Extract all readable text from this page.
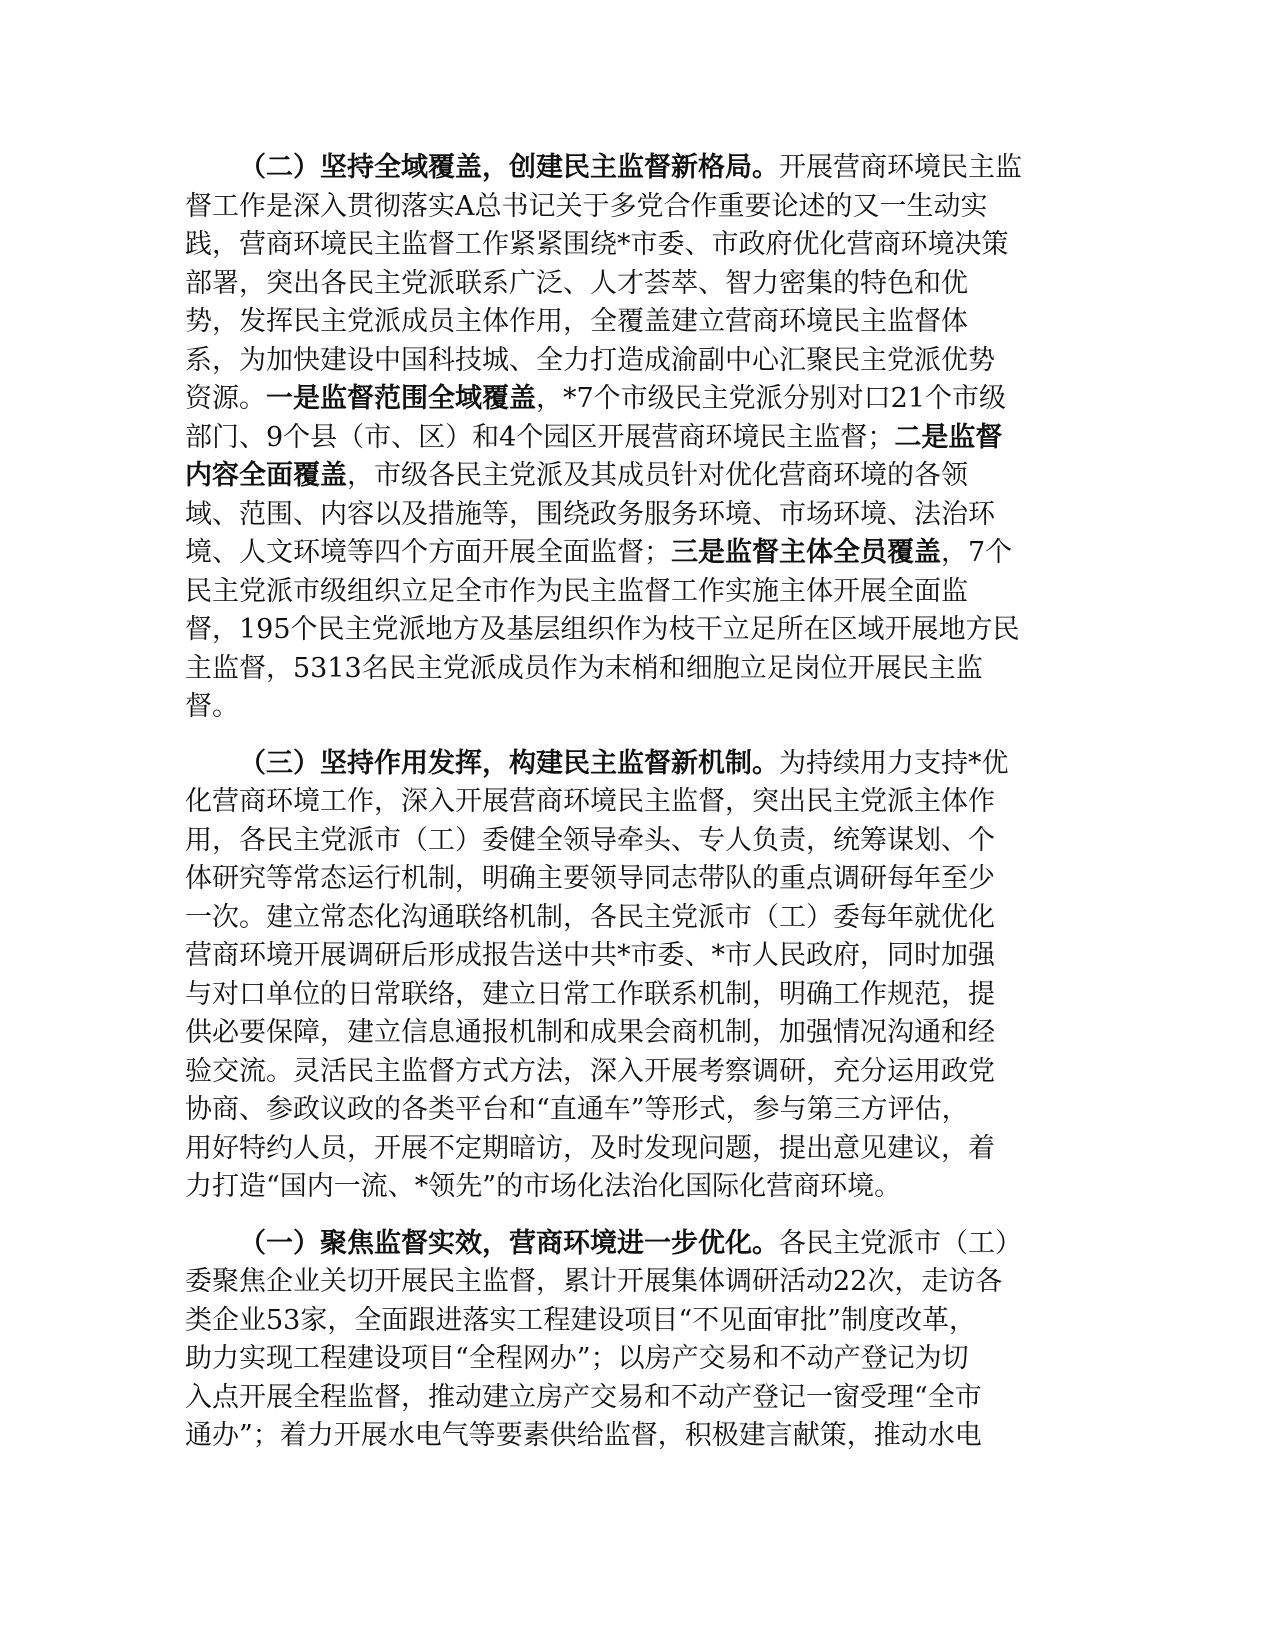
（二）坚持全域覆盖，创建民主监督新格局。开展营商环境民主监
督工作是深入贯彻落实A总书记关于多党合作重要论述的又一生动实
践，营商环境民主监督工作紧紧围绕*市委、市政府优化营商环境决策
部署，突出各民主党派联系广泛、人才荟萃、智力密集的特色和优
势，发挥民主党派成员主体作用，全覆盖建立营商环境民主监督体
系，为加快建设中国科技城、全力打造成渝副中心汇聚民主党派优势
资源。一是监督范围全域覆盖，*7个市级民主党派分别对口21个市级
部门、9个县（市、区）和4个园区开展营商环境民主监督；二是监督
内容全面覆盖，市级各民主党派及其成员针对优化营商环境的各领
域、范围、内容以及措施等，围绕政务服务环境、市场环境、法治环
境、人文环境等四个方面开展全面监督；三是监督主体全员覆盖，7个
民主党派市级组织立足全市作为民主监督工作实施主体开展全面监
督，195个民主党派地方及基层组织作为枝干立足所在区域开展地方民
主监督，5313名民主党派成员作为末梢和细胞立足岗位开展民主监
督。
（三）坚持作用发挥，构建民主监督新机制。为持续用力支持*优
化营商环境工作，深入开展营商环境民主监督，突出民主党派主体作
用，各民主党派市（工）委健全领导牵头、专人负责，统筹谋划、个
体研究等常态运行机制，明确主要领导同志带队的重点调研每年至少
一次。建立常态化沟通联络机制，各民主党派市（工）委每年就优化
营商环境开展调研后形成报告送中共*市委、*市人民政府，同时加强
与对口单位的日常联络，建立日常工作联系机制，明确工作规范，提
供必要保障，建立信息通报机制和成果会商机制，加强情况沟通和经
验交流。灵活民主监督方式方法，深入开展考察调研，充分运用政党
协商、参政议政的各类平台和“直通车”等形式，参与第三方评估，
用好特约人员，开展不定期暗访，及时发现问题，提出意见建议，着
力打造“国内一流、*领先”的市场化法治化国际化营商环境。
（一）聚焦监督实效，营商环境进一步优化。各民主党派市（工）
委聚焦企业关切开展民主监督，累计开展集体调研活动22次，走访各
类企业53家，全面跟进落实工程建设项目“不见面审批”制度改革，
助力实现工程建设项目“全程网办”；以房产交易和不动产登记为切
入点开展全程监督，推动建立房产交易和不动产登记一窗受理“全市
通办”；着力开展水电气等要素供给监督，积极建言献策，推动水电
